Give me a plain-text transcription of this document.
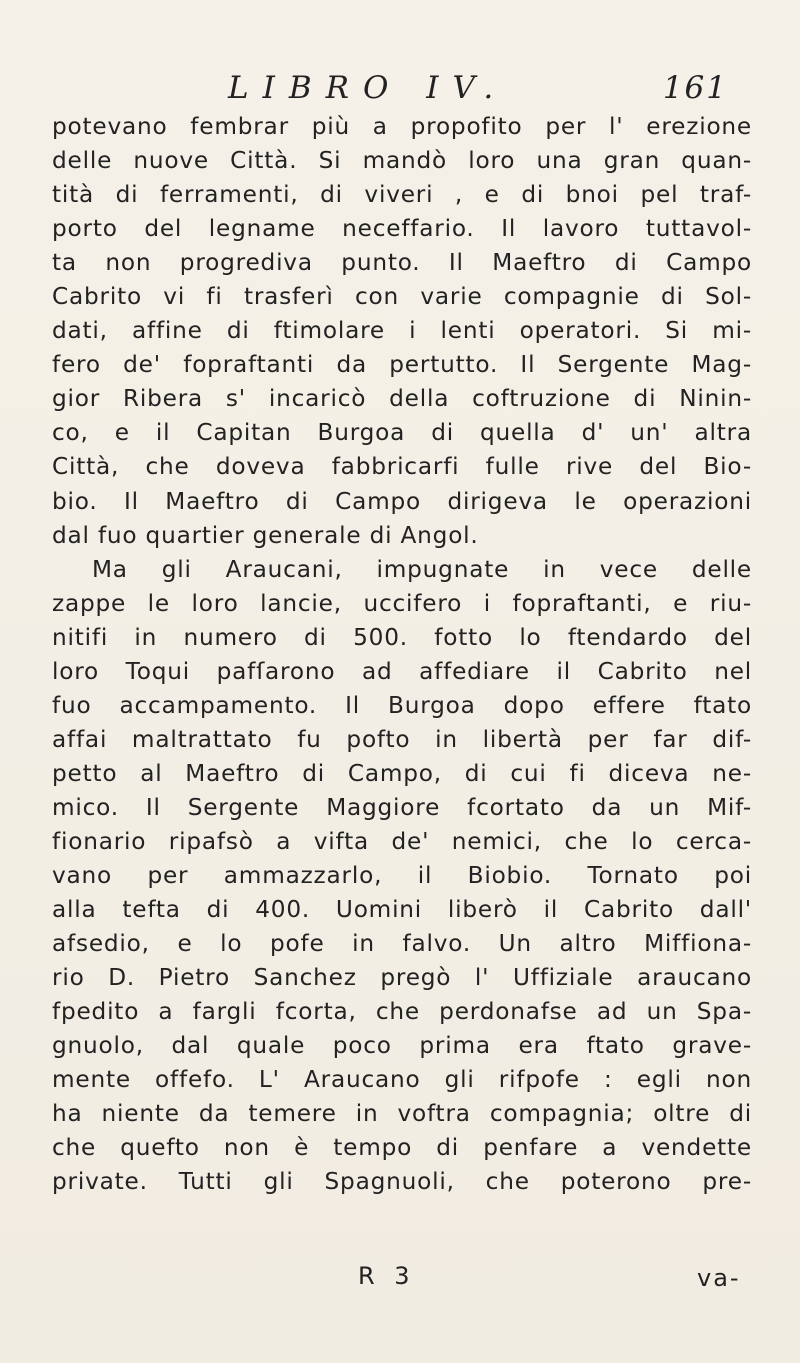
LIBRO IV.	161
potevano fembrar più a propofito per l' erezione
delle nuove Città. Si mandò loro una gran quan-
tità di ferramenti, di viveri , e di bnoi pel traf-
porto del legname neceffario. Il lavoro tuttavol-
ta non progrediva punto. Il Maeftro di Campo
Cabrito vi fi trasferì con varie compagnie di Sol-
dati, affine di ftimolare i lenti operatori. Si mi-
fero de' fopraftanti da pertutto. Il Sergente Mag-
gior Ribera s' incaricò della coftruzione di Ninin-
co, e il Capitan Burgoa di quella d' un' altra
Città, che doveva fabbricarfi fulle rive del Bio-
bio. Il Maeftro di Campo dirigeva le operazioni
dal fuo quartier generale di Angol.
Ma gli Araucani, impugnate in vece delle
zappe le loro lancie, uccifero i fopraftanti, e riu-
nitifi in numero di 500. fotto lo ftendardo del
loro Toqui pafſarono ad affediare il Cabrito nel
fuo accampamento. Il Burgoa dopo effere ftato
affai maltrattato fu pofto in libertà per far dif-
petto al Maeftro di Campo, di cui fi diceva ne-
mico. Il Sergente Maggiore fcortato da un Mif-
fionario ripafsò a vifta de' nemici, che lo cerca-
vano per ammazzarlo, il Biobio. Tornato poi
alla tefta di 400. Uomini liberò il Cabrito dall'
afsedio, e lo pofe in falvo. Un altro Miffiona-
rio D. Pietro Sanchez pregò l' Uffiziale araucano
fpedito a fargli fcorta, che perdonafse ad un Spa-
gnuolo, dal quale poco prima era ftato grave-
mente offefo. L' Araucano gli rifpofe : egli non
ha niente da temere in voftra compagnia; oltre di
che quefto non è tempo di penfare a vendette
private. Tutti gli Spagnuoli, che poterono pre-
R 3	va-
